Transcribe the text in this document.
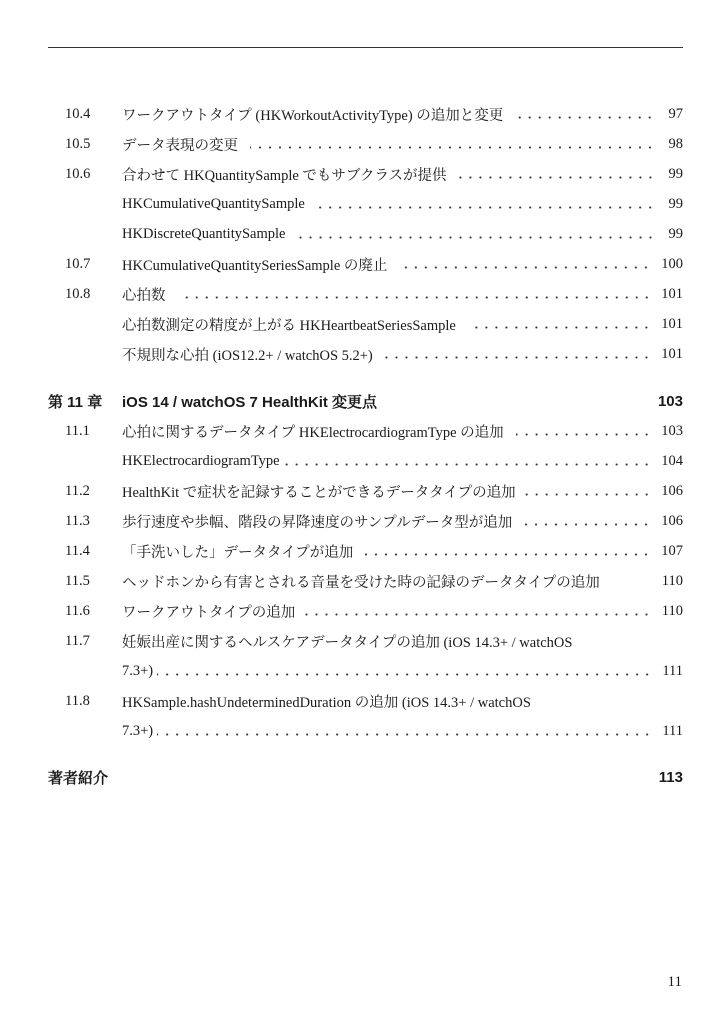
10.4 ワークアウトタイプ (HKWorkoutActivityType) の追加と変更	97
10.5 データ表現の変更	98
10.6 合わせて HKQuantitySample でもサブクラスが提供	99
HKCumulativeQuantitySample	99
HKDiscreteQuantitySample	99
10.7 HKCumulativeQuantitySeriesSample の廃止	100
10.8 心拍数	101
心拍数測定の精度が上がる HKHeartbeatSeriesSample	101
不規則な心拍 (iOS12.2+ / watchOS 5.2+)	101
第 11 章 iOS 14 / watchOS 7 HealthKit 変更点	103
11.1 心拍に関するデータタイプ HKElectrocardiogramType の追加	103
HKElectrocardiogramType	104
11.2 HealthKit で症状を記録することができるデータタイプの追加	106
11.3 歩行速度や歩幅、階段の昇降速度のサンプルデータ型が追加	106
11.4 「手洗いした」データタイプが追加	107
11.5 ヘッドホンから有害とされる音量を受けた時の記録のデータタイプの追加	110
11.6 ワークアウトタイプの追加	110
11.7 妊娠出産に関するヘルスケアデータタイプの追加 (iOS 14.3+ / watchOS
7.3+)	111
11.8 HKSample.hashUndeterminedDuration の追加 (iOS 14.3+ / watchOS
7.3+)	111
著者紹介	113
11
